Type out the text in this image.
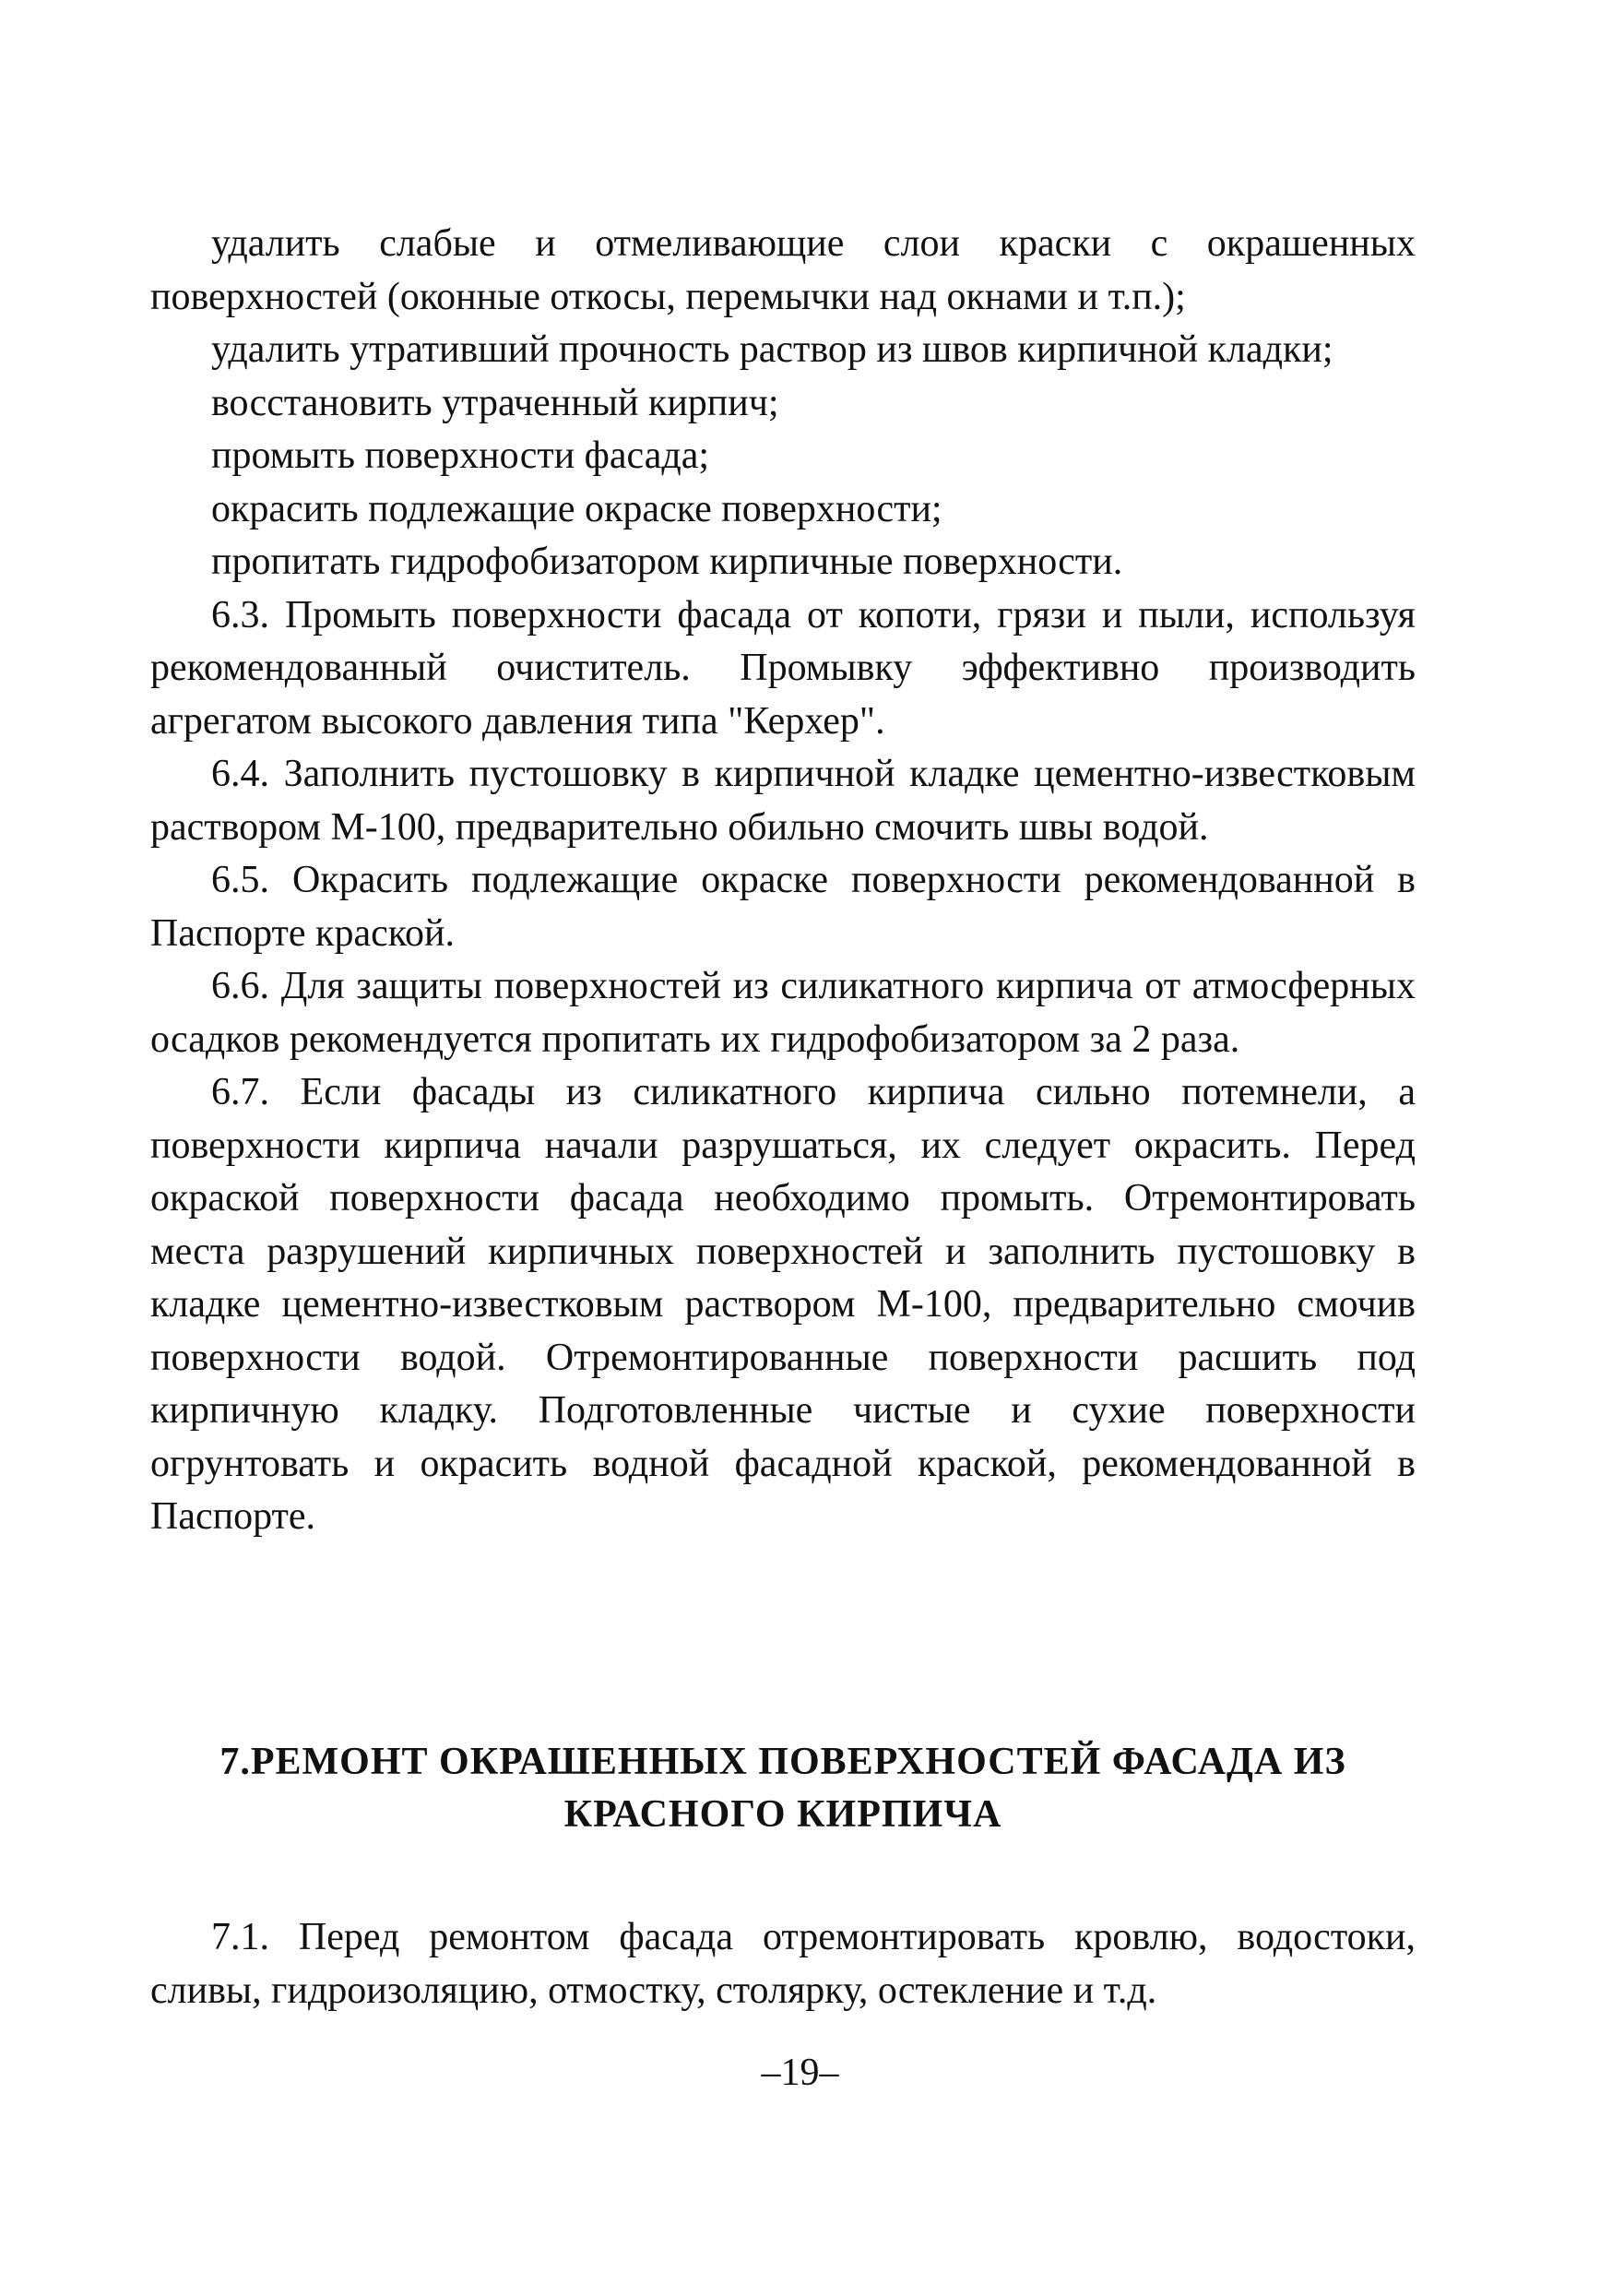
удалить слабые и отмеливающие слои краски с окрашенных поверхностей (оконные откосы, перемычки над окнами и т.п.);

удалить утративший прочность раствор из швов кирпичной кладки;

восстановить утраченный кирпич;

промыть поверхности фасада;

окрасить подлежащие окраске поверхности;

пропитать гидрофобизатором кирпичные поверхности.

6.3. Промыть поверхности фасада от копоти, грязи и пыли, используя рекомендованный очиститель. Промывку эффективно производить агрегатом высокого давления типа "Керхер".

6.4. Заполнить пустошовку в кирпичной кладке цементно-известковым раствором М-100, предварительно обильно смочить швы водой.

6.5. Окрасить подлежащие окраске поверхности рекомендованной в Паспорте краской.

6.6. Для защиты поверхностей из силикатного кирпича от атмосферных осадков рекомендуется пропитать их гидрофобизатором за 2 раза.

6.7. Если фасады из силикатного кирпича сильно потемнели, а поверхности кирпича начали разрушаться, их следует окрасить. Перед окраской поверхности фасада необходимо промыть. Отремонтировать места разрушений кирпичных поверхностей и заполнить пустошовку в кладке цементно-известковым раствором М-100, предварительно смочив поверхности водой. Отремонтированные поверхности расшить под кирпичную кладку. Подготовленные чистые и сухие поверхности огрунтовать и окрасить водной фасадной краской, рекомендованной в Паспорте.

7.РЕМОНТ ОКРАШЕННЫХ ПОВЕРХНОСТЕЙ ФАСАДА ИЗ
КРАСНОГО КИРПИЧА

7.1. Перед ремонтом фасада отремонтировать кровлю, водостоки, сливы, гидроизоляцию, отмостку, столярку, остекление и т.д.

–19–
